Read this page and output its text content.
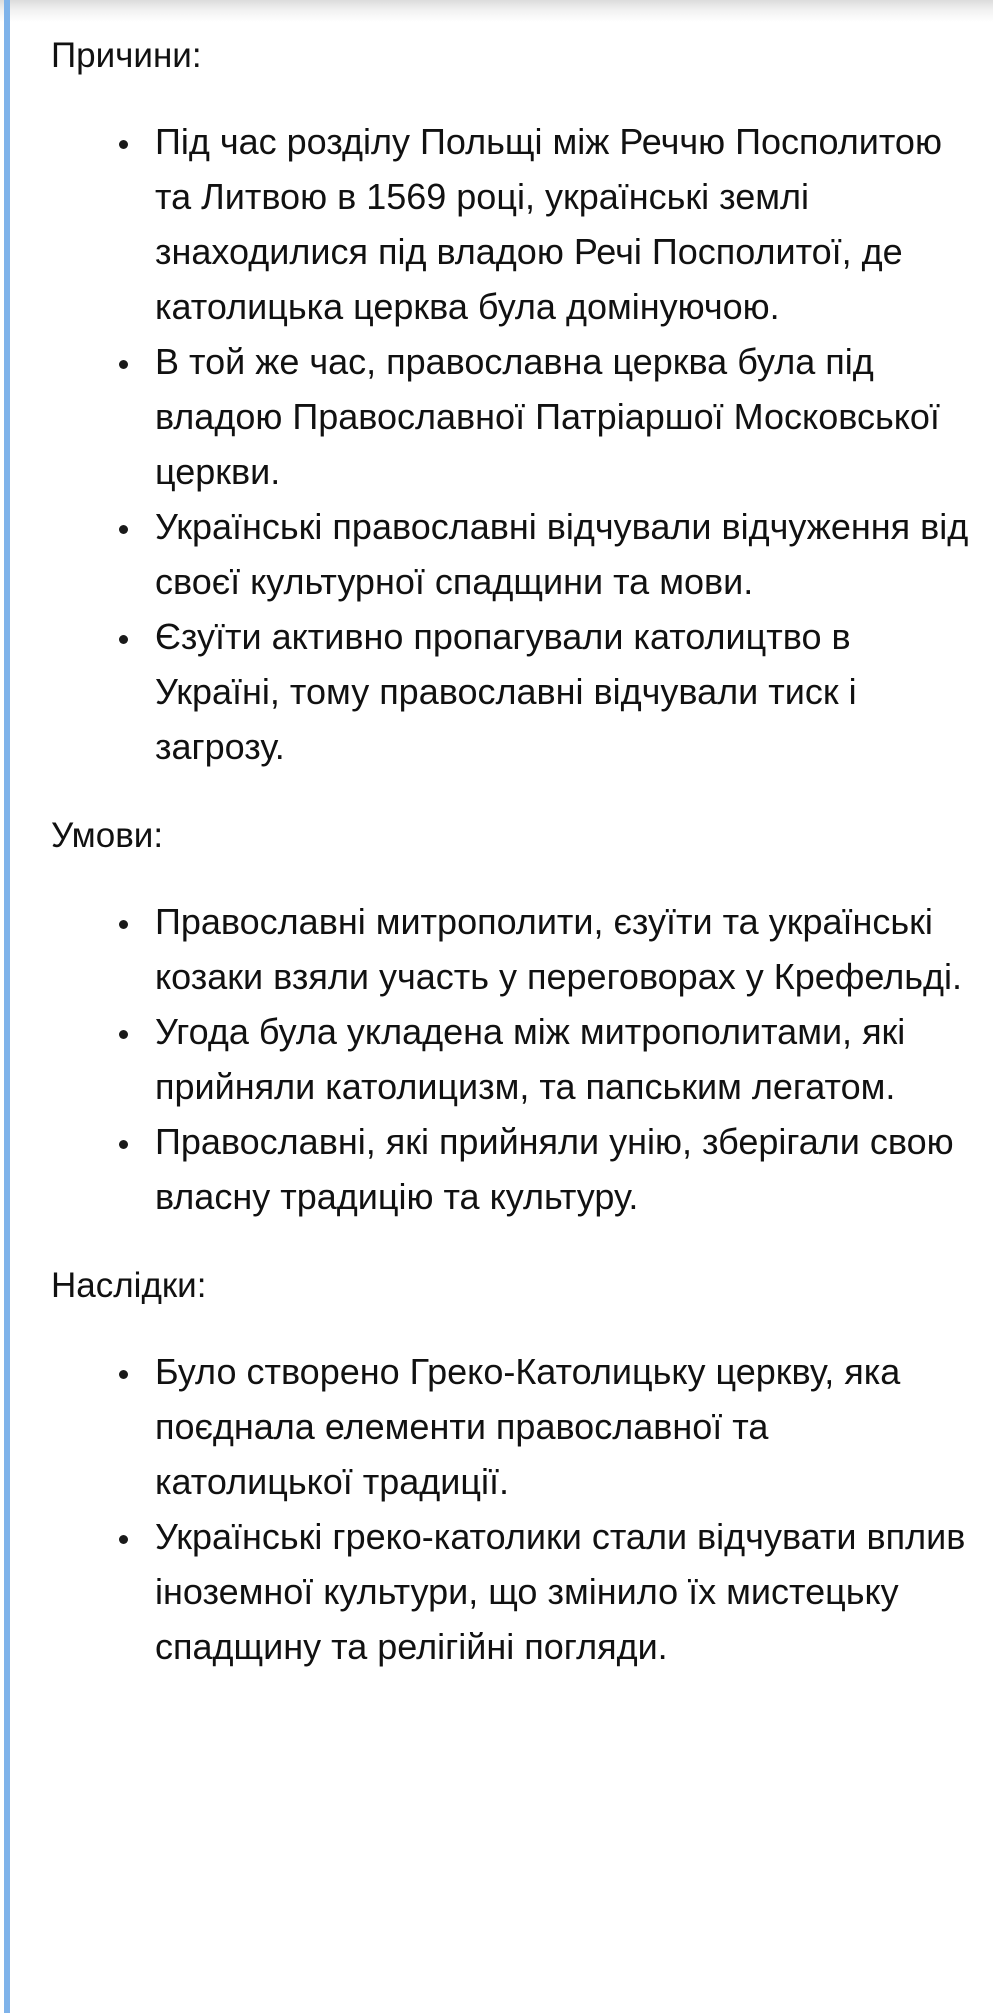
Причини:

Під час розділу Польщі між Реччю Посполитою та Литвою в 1569 році, українські землі знаходилися під владою Речі Посполитої, де католицька церква була домінуючою.
В той же час, православна церква була під владою Православної Патріаршої Московської церкви.
Українські православні відчували відчуження від своєї культурної спадщини та мови.
Єзуїти активно пропагували католицтво в Україні, тому православні відчували тиск і загрозу.

Умови:

Православні митрополити, єзуїти та українські козаки взяли участь у переговорах у Крефельді.
Угода була укладена між митрополитами, які прийняли католицизм, та папським легатом.
Православні, які прийняли унію, зберігали свою власну традицію та культуру.

Наслідки:

Було створено Греко-Католицьку церкву, яка поєднала елементи православної та католицької традиції.
Українські греко-католики стали відчувати вплив іноземної культури, що змінило їх мистецьку спадщину та релігійні погляди.
